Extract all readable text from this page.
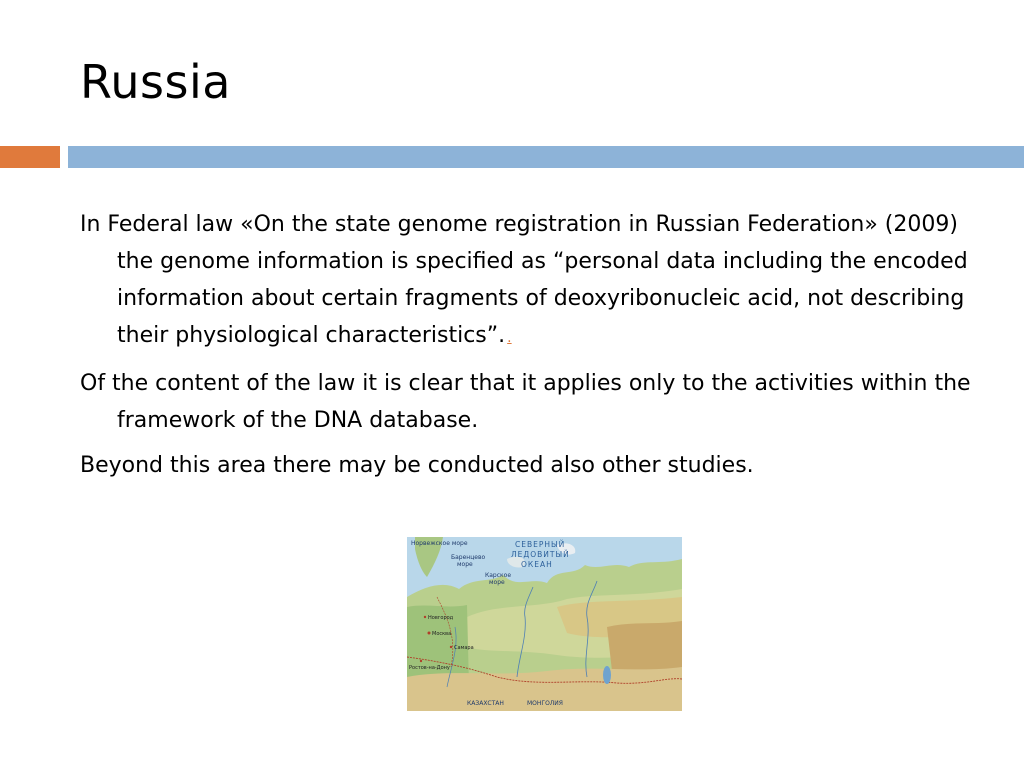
Russia

In Federal law «On the state genome registration in Russian Federation» (2009) the genome information is specified as “personal data including the encoded information about certain fragments of deoxyribonucleic acid, not describing their physiological characteristics”. .

Of the content of the law it is clear that it applies only to the activities within the framework of the DNA database.

Beyond this area there may be conducted also other studies.

СЕВЕРНЫЙ
ЛЕДОВИТЫЙ
ОКЕАН
Норвежское море
Баренцево
море
Карское
море
КАЗАХСТАН	МОНГОЛИЯ
Москва
Новгород
Ростов-на-Дону
Самара
